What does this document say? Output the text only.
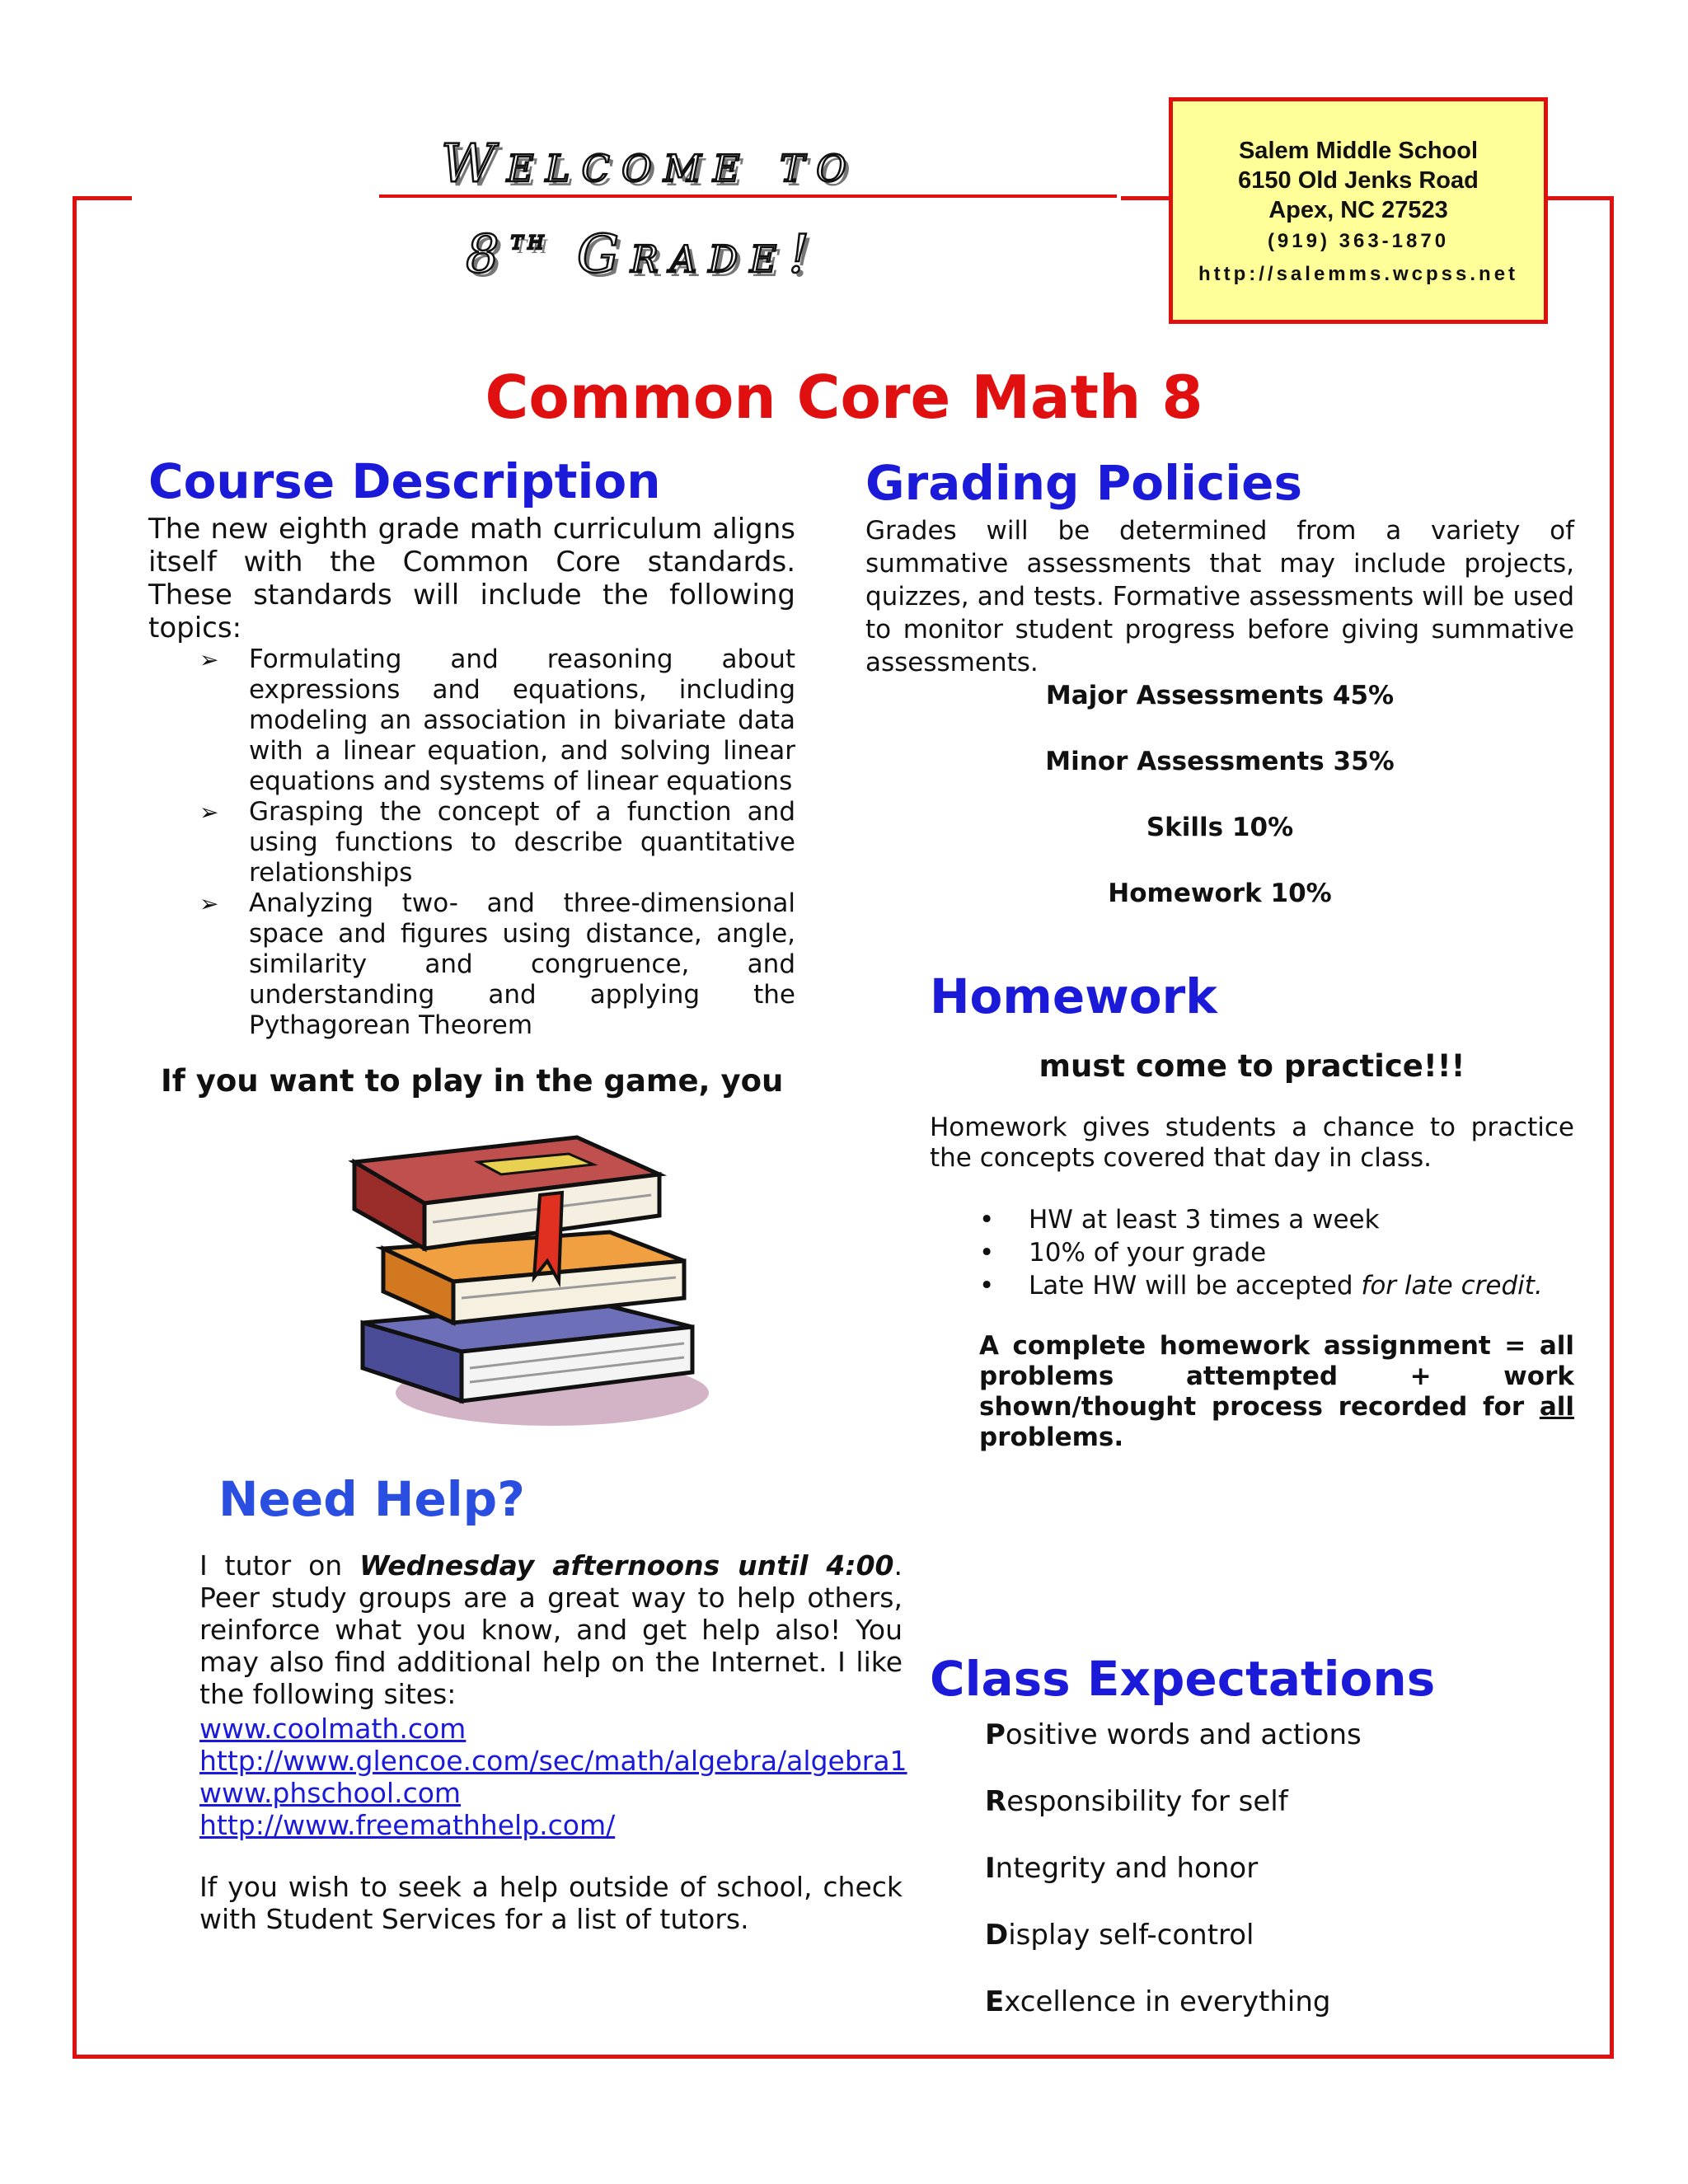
Welcome to
8th Grade!
Salem Middle School
6150 Old Jenks Road
Apex, NC 27523
(919) 363-1870
http://salemms.wcpss.net
Common Core Math 8
Course Description
The new eighth grade math curriculum aligns itself with the Common Core standards. These standards will include the following topics:
➢ Formulating and reasoning about expressions and equations, including modeling an association in bivariate data with a linear equation, and solving linear equations and systems of linear equations
➢ Grasping the concept of a function and using functions to describe quantitative relationships
➢ Analyzing two- and three-dimensional space and figures using distance, angle, similarity and congruence, and understanding and applying the Pythagorean Theorem
If you want to play in the game, you
Need Help?
I tutor on Wednesday afternoons until 4:00. Peer study groups are a great way to help others, reinforce what you know, and get help also! You may also find additional help on the Internet. I like the following sites:
www.coolmath.com
http://www.glencoe.com/sec/math/algebra/algebra1
www.phschool.com
http://www.freemathhelp.com/
If you wish to seek a help outside of school, check with Student Services for a list of tutors.
Grading Policies
Grades will be determined from a variety of summative assessments that may include projects, quizzes, and tests. Formative assessments will be used to monitor student progress before giving summative assessments.
Major Assessments 45%
Minor Assessments 35%
Skills 10%
Homework 10%
Homework
must come to practice!!!
Homework gives students a chance to practice the concepts covered that day in class.
• HW at least 3 times a week
• 10% of your grade
• Late HW will be accepted for late credit.
A complete homework assignment = all problems attempted + work shown/thought process recorded for all problems.
Class Expectations
Positive words and actions
Responsibility for self
Integrity and honor
Display self-control
Excellence in everything
